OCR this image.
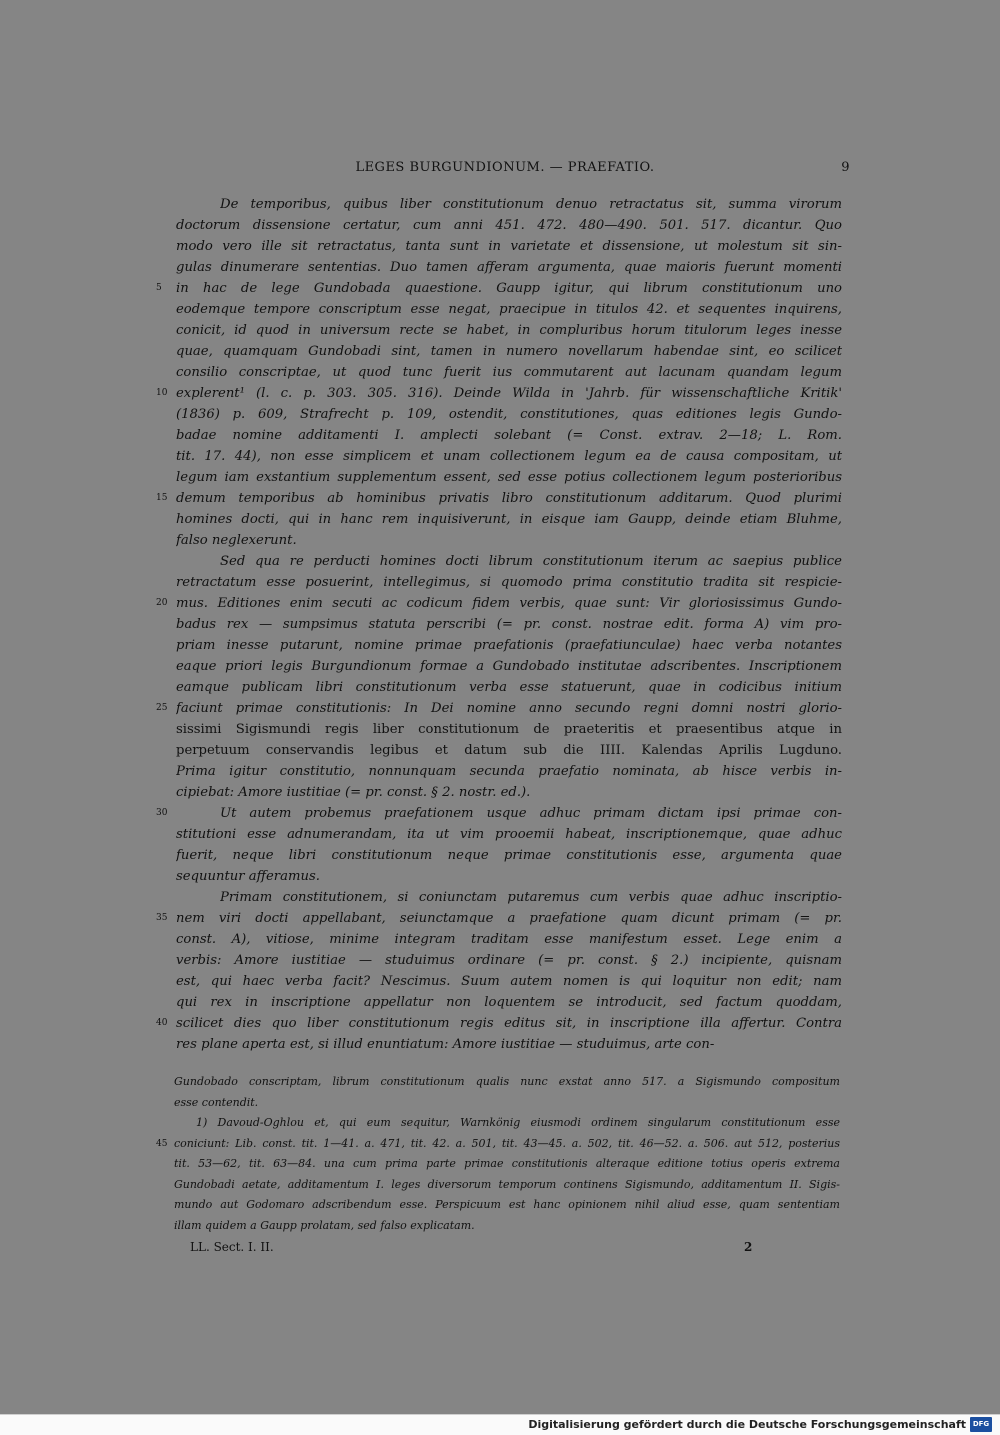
LEGES BURGUNDIONUM. — PRAEFATIO.	9
De temporibus, quibus liber constitutionum denuo retractatus sit, summa virorum
doctorum dissensione certatur, cum anni 451. 472. 480—490. 501. 517. dicantur. Quo
modo vero ille sit retractatus, tanta sunt in varietate et dissensione, ut molestum sit sin-
gulas dinumerare sententias. Duo tamen afferam argumenta, quae maioris fuerunt momenti
in hac de lege Gundobada quaestione. Gaupp igitur, qui librum constitutionum uno
eodemque tempore conscriptum esse negat, praecipue in titulos 42. et sequentes inquirens,
conicit, id quod in universum recte se habet, in compluribus horum titulorum leges inesse
quae, quamquam Gundobadi sint, tamen in numero novellarum habendae sint, eo scilicet
consilio conscriptae, ut quod tunc fuerit ius commutarent aut lacunam quandam legum
explerent¹ (l. c. p. 303. 305. 316). Deinde Wilda in 'Jahrb. für wissenschaftliche Kritik'
(1836) p. 609, Strafrecht p. 109, ostendit, constitutiones, quas editiones legis Gundo-
badae nomine additamenti I. amplecti solebant (= Const. extrav. 2—18; L. Rom.
tit. 17. 44), non esse simplicem et unam collectionem legum ea de causa compositam, ut
legum iam exstantium supplementum essent, sed esse potius collectionem legum posterioribus
demum temporibus ab hominibus privatis libro constitutionum additarum. Quod plurimi
homines docti, qui in hanc rem inquisiverunt, in eisque iam Gaupp, deinde etiam Bluhme,
falso neglexerunt.
Sed qua re perducti homines docti librum constitutionum iterum ac saepius publice
retractatum esse posuerint, intellegimus, si quomodo prima constitutio tradita sit respicie-
mus. Editiones enim secuti ac codicum fidem verbis, quae sunt: Vir gloriosissimus Gundo-
badus rex — sumpsimus statuta perscribi (= pr. const. nostrae edit. forma A) vim pro-
priam inesse putarunt, nomine primae praefationis (praefatiunculae) haec verba notantes
eaque priori legis Burgundionum formae a Gundobado institutae adscribentes. Inscriptionem
eamque publicam libri constitutionum verba esse statuerunt, quae in codicibus initium
faciunt primae constitutionis: In Dei nomine anno secundo regni domni nostri glorio-
sissimi Sigismundi regis liber constitutionum de praeteritis et praesentibus atque in
perpetuum conservandis legibus et datum sub die IIII. Kalendas Aprilis Lugduno.
Prima igitur constitutio, nonnunquam secunda praefatio nominata, ab hisce verbis in-
cipiebat: Amore iustitiae (= pr. const. § 2. nostr. ed.).
Ut autem probemus praefationem usque adhuc primam dictam ipsi primae con-
stitutioni esse adnumerandam, ita ut vim prooemii habeat, inscriptionemque, quae adhuc
fuerit, neque libri constitutionum neque primae constitutionis esse, argumenta quae
sequuntur afferamus.
Primam constitutionem, si coniunctam putaremus cum verbis quae adhuc inscriptio-
nem viri docti appellabant, seiunctamque a praefatione quam dicunt primam (= pr.
const. A), vitiose, minime integram traditam esse manifestum esset. Lege enim a
verbis: Amore iustitiae — studuimus ordinare (= pr. const. § 2.) incipiente, quisnam
est, qui haec verba facit? Nescimus. Suum autem nomen is qui loquitur non edit; nam
qui rex in inscriptione appellatur non loquentem se introducit, sed factum quoddam,
scilicet dies quo liber constitutionum regis editus sit, in inscriptione illa affertur. Contra
res plane aperta est, si illud enuntiatum: Amore iustitiae — studuimus, arte con-
5
10
15
20
25
30
35
40
Gundobado conscriptam, librum constitutionum qualis nunc exstat anno 517. a Sigismundo compositum
esse contendit.
1) Davoud-Oghlou et, qui eum sequitur, Warnkönig eiusmodi ordinem singularum constitutionum esse
coniciunt: Lib. const. tit. 1—41. a. 471, tit. 42. a. 501, tit. 43—45. a. 502, tit. 46—52. a. 506. aut 512, posterius
tit. 53—62, tit. 63—84. una cum prima parte primae constitutionis alteraque editione totius operis extrema
Gundobadi aetate, additamentum I. leges diversorum temporum continens Sigismundo, additamentum II. Sigis-
mundo aut Godomaro adscribendum esse. Perspicuum est hanc opinionem nihil aliud esse, quam sententiam
illam quidem a Gaupp prolatam, sed falso explicatam.
45
LL. Sect. I. II.	2
Digitalisierung gefördert durch die Deutsche Forschungsgemeinschaft DFG
